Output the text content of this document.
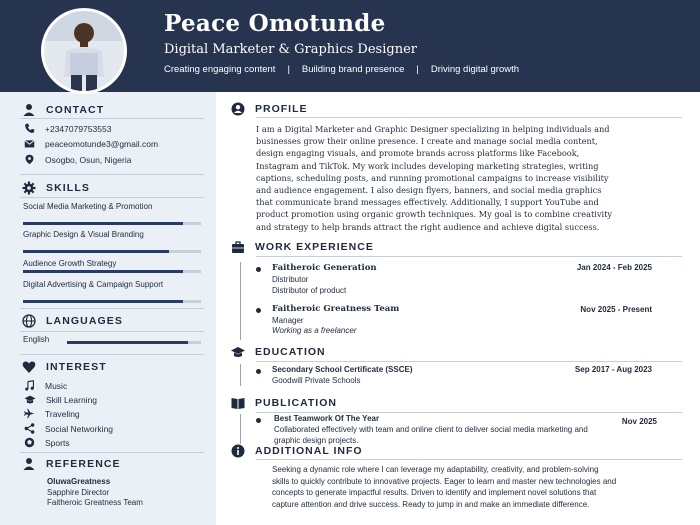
Peace Omotunde
Digital Marketer & Graphics Designer
Creating engaging content | Building brand presence | Driving digital growth
CONTACT
+2347079753553
peaceomotunde3@gmail.com
Osogbo, Osun, Nigeria
SKILLS
Social Media Marketing & Promotion
Graphic Design & Visual Branding
Audience Growth Strategy
Digital Advertising & Campaign Support
LANGUAGES
English
INTEREST
Music
Skill Learning
Traveling
Social Networking
Sports
REFERENCE
OluwaGreatness
Sapphire Director
Faitheroic Greatness Team
PROFILE
I am a Digital Marketer and Graphic Designer specializing in helping individuals and businesses grow their online presence. I create and manage social media content, design engaging visuals, and promote brands across platforms like Facebook, Instagram and TikTok. My work includes developing marketing strategies, writing captions, scheduling posts, and running promotional campaigns to increase visibility and audience engagement. I also design flyers, banners, and social media graphics that communicate brand messages effectively. Additionally, I support YouTube and product promotion using organic growth techniques. My goal is to combine creativity and strategy to help brands attract the right audience and achieve digital success.
WORK EXPERIENCE
Faitheroic Generation	Jan 2024 - Feb 2025
Distributor
Distributor of product
Faitheroic Greatness Team	Nov 2025 - Present
Manager
Working as a freelancer
EDUCATION
Secondary School Certificate (SSCE)	Sep 2017 - Aug 2023
Goodwill Private Schools
PUBLICATION
Best Teamwork Of The Year	Nov 2025
Collaborated effectively with team and online client to deliver social media marketing and graphic design projects.
ADDITIONAL INFO
Seeking a dynamic role where I can leverage my adaptability, creativity, and problem-solving skills to quickly contribute to innovative projects. Eager to learn and master new technologies and concepts to generate impactful results. Driven to identify and implement novel solutions that capture attention and drive success. Ready to jump in and make an immediate difference.
